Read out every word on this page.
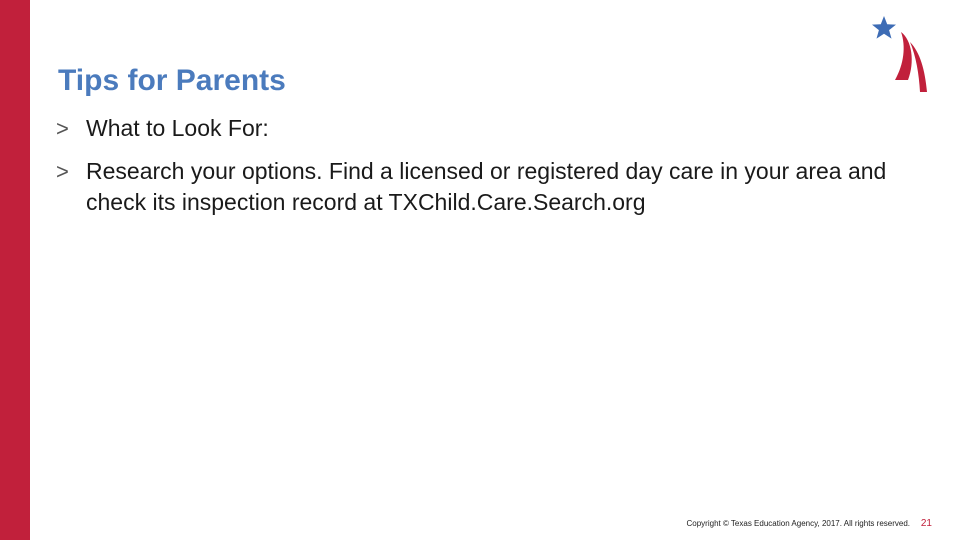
Tips for Parents
> What to Look For:
> Research your options. Find a licensed or registered day care in your area and check its inspection record at TXChild.Care.Search.org
Copyright © Texas Education Agency, 2017. All rights reserved. 21
